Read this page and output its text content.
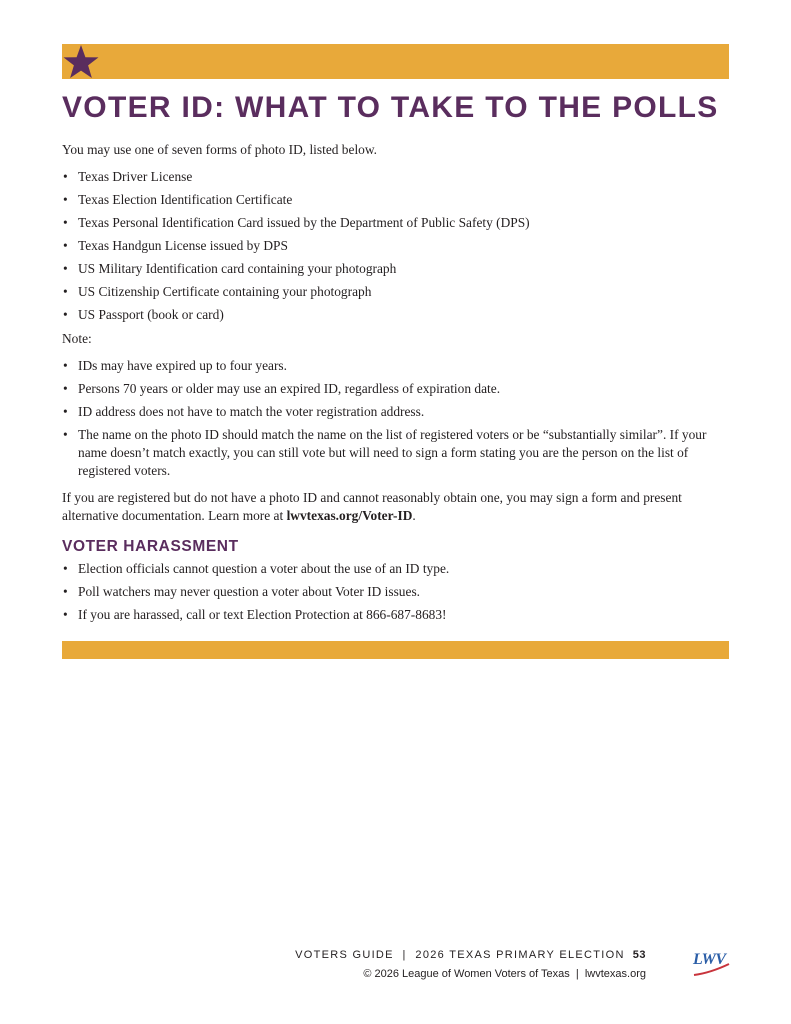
VOTER ID: WHAT TO TAKE TO THE POLLS

You may use one of seven forms of photo ID, listed below.

• Texas Driver License
• Texas Election Identification Certificate
• Texas Personal Identification Card issued by the Department of Public Safety (DPS)
• Texas Handgun License issued by DPS
• US Military Identification card containing your photograph
• US Citizenship Certificate containing your photograph
• US Passport (book or card)

Note:

• IDs may have expired up to four years.
• Persons 70 years or older may use an expired ID, regardless of expiration date.
• ID address does not have to match the voter registration address.
• The name on the photo ID should match the name on the list of registered voters or be “substantially similar”. If your name doesn’t match exactly, you can still vote but will need to sign a form stating you are the person on the list of registered voters.

If you are registered but do not have a photo ID and cannot reasonably obtain one, you may sign a form and present alternative documentation. Learn more at lwvtexas.org/Voter-ID.

VOTER HARASSMENT

• Election officials cannot question a voter about the use of an ID type.
• Poll watchers may never question a voter about Voter ID issues.
• If you are harassed, call or text Election Protection at 866-687-8683!
VOTERS GUIDE  |  2026 TEXAS PRIMARY ELECTION 53
© 2026 League of Women Voters of Texas  |  lwvtexas.org
LWV
